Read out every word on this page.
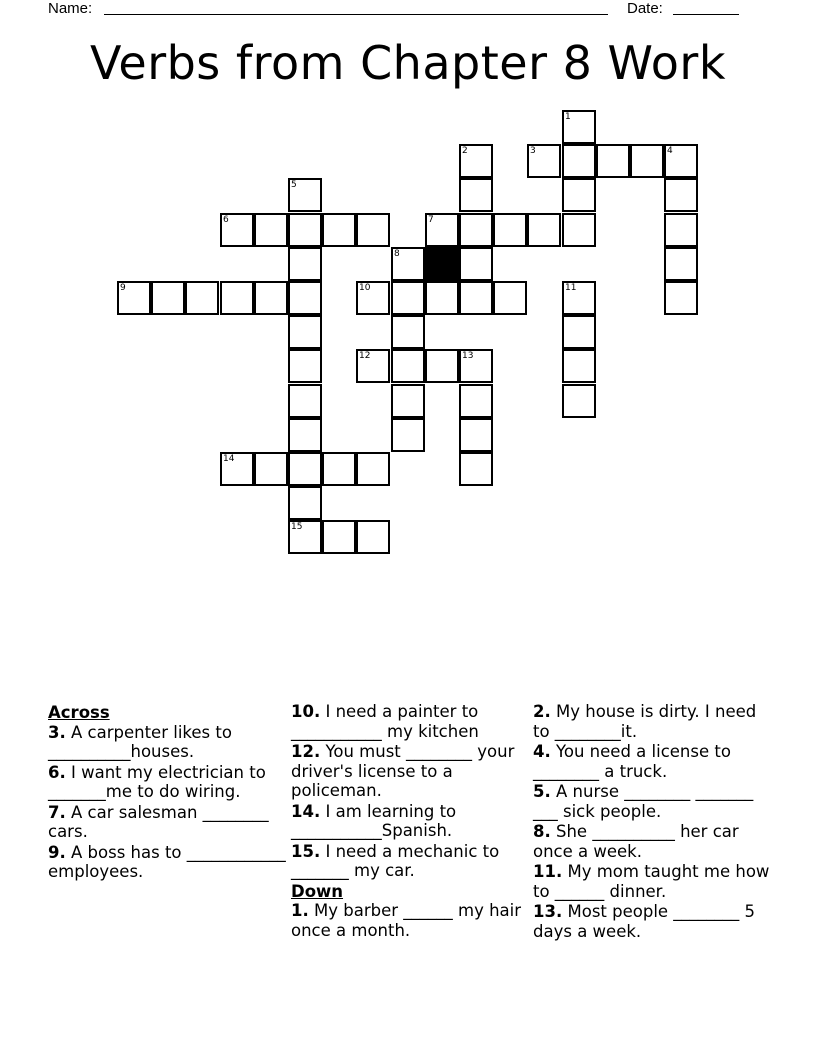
Name:	Date:
Verbs from Chapter 8 Work
1
2	3	4
5
6	7
8
9	10	11
12	13
14
15
Across
3. A carpenter likes to __________houses.
6. I want my electrician to _______me to do wiring.
7. A car salesman ________ cars.
9. A boss has to ____________ employees.
10. I need a painter to ___________ my kitchen
12. You must ________ your driver's license to a policeman.
14. I am learning to ___________Spanish.
15. I need a mechanic to _______ my car.
Down
1. My barber ______ my hair once a month.
2. My house is dirty. I need to ________it.
4. You need a license to ________ a truck.
5. A nurse ________ _______ ___ sick people.
8. She __________ her car once a week.
11. My mom taught me how to ______ dinner.
13. Most people ________ 5 days a week.
